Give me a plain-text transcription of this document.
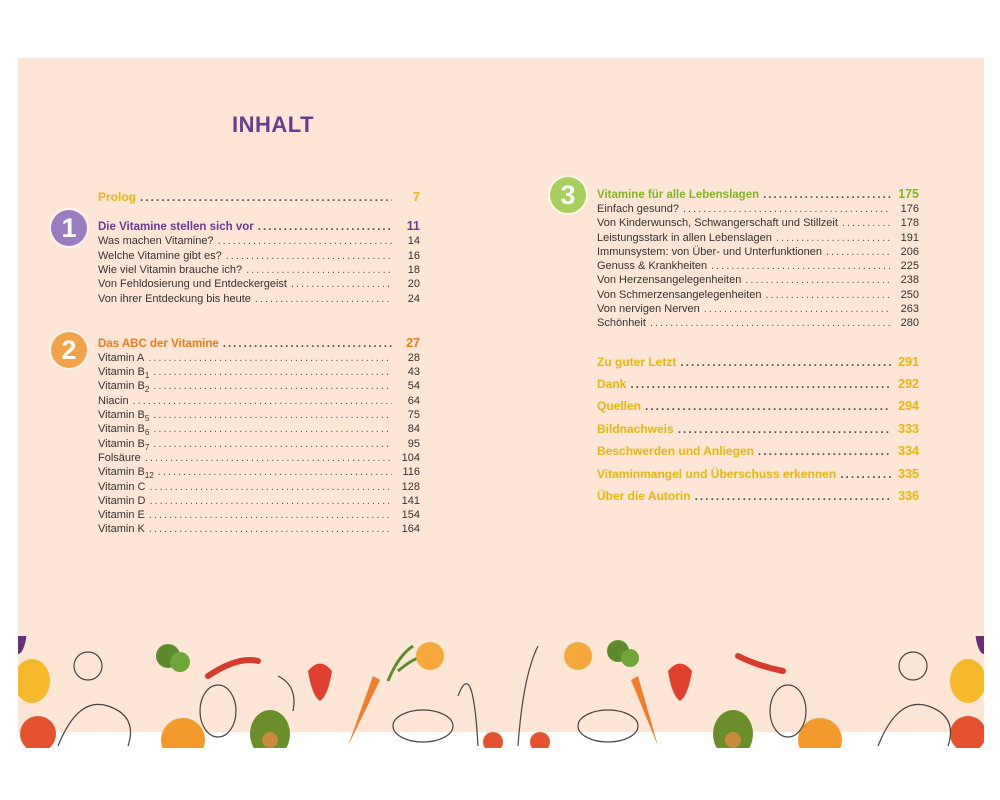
INHALT
1
2
3
Prolog .....	7
Die Vitamine stellen sich vor .....	11
Was machen Vitamine? .....	14
Welche Vitamine gibt es? .....	16
Wie viel Vitamin brauche ich? .....	18
Von Fehldosierung und Entdeckergeist .....	20
Von ihrer Entdeckung bis heute .....	24
Das ABC der Vitamine .....	27
Vitamin A .....	28
Vitamin $B_1$ .....	43
Vitamin $B_2$ .....	54
Niacin .....	64
Vitamin $B_5$ .....	75
Vitamin $B_6$ .....	84
Vitamin $B_7$ .....	95
Folsäure .....	104
Vitamin $B_{12}$ .....	116
Vitamin C .....	128
Vitamin D .....	141
Vitamin E .....	154
Vitamin K .....	164
Vitamine für alle Lebenslagen .....	175
Einfach gesund? .....	176
Von Kinderwunsch, Schwangerschaft und Stillzeit .....	178
Leistungsstark in allen Lebenslagen .....	191
Immunsystem: von Über- und Unterfunktionen .....	206
Genuss & Krankheiten .....	225
Von Herzensangelegenheiten .....	238
Von Schmerzensangelegenheiten .....	250
Von nervigen Nerven .....	263
Schönheit .....	280
Zu guter Letzt .....	291
Dank .....	292
Quellen .....	294
Bildnachweis .....	333
Beschwerden und Anliegen .....	334
Vitaminmangel und Überschuss erkennen .....	335
Über die Autorin .....	336
